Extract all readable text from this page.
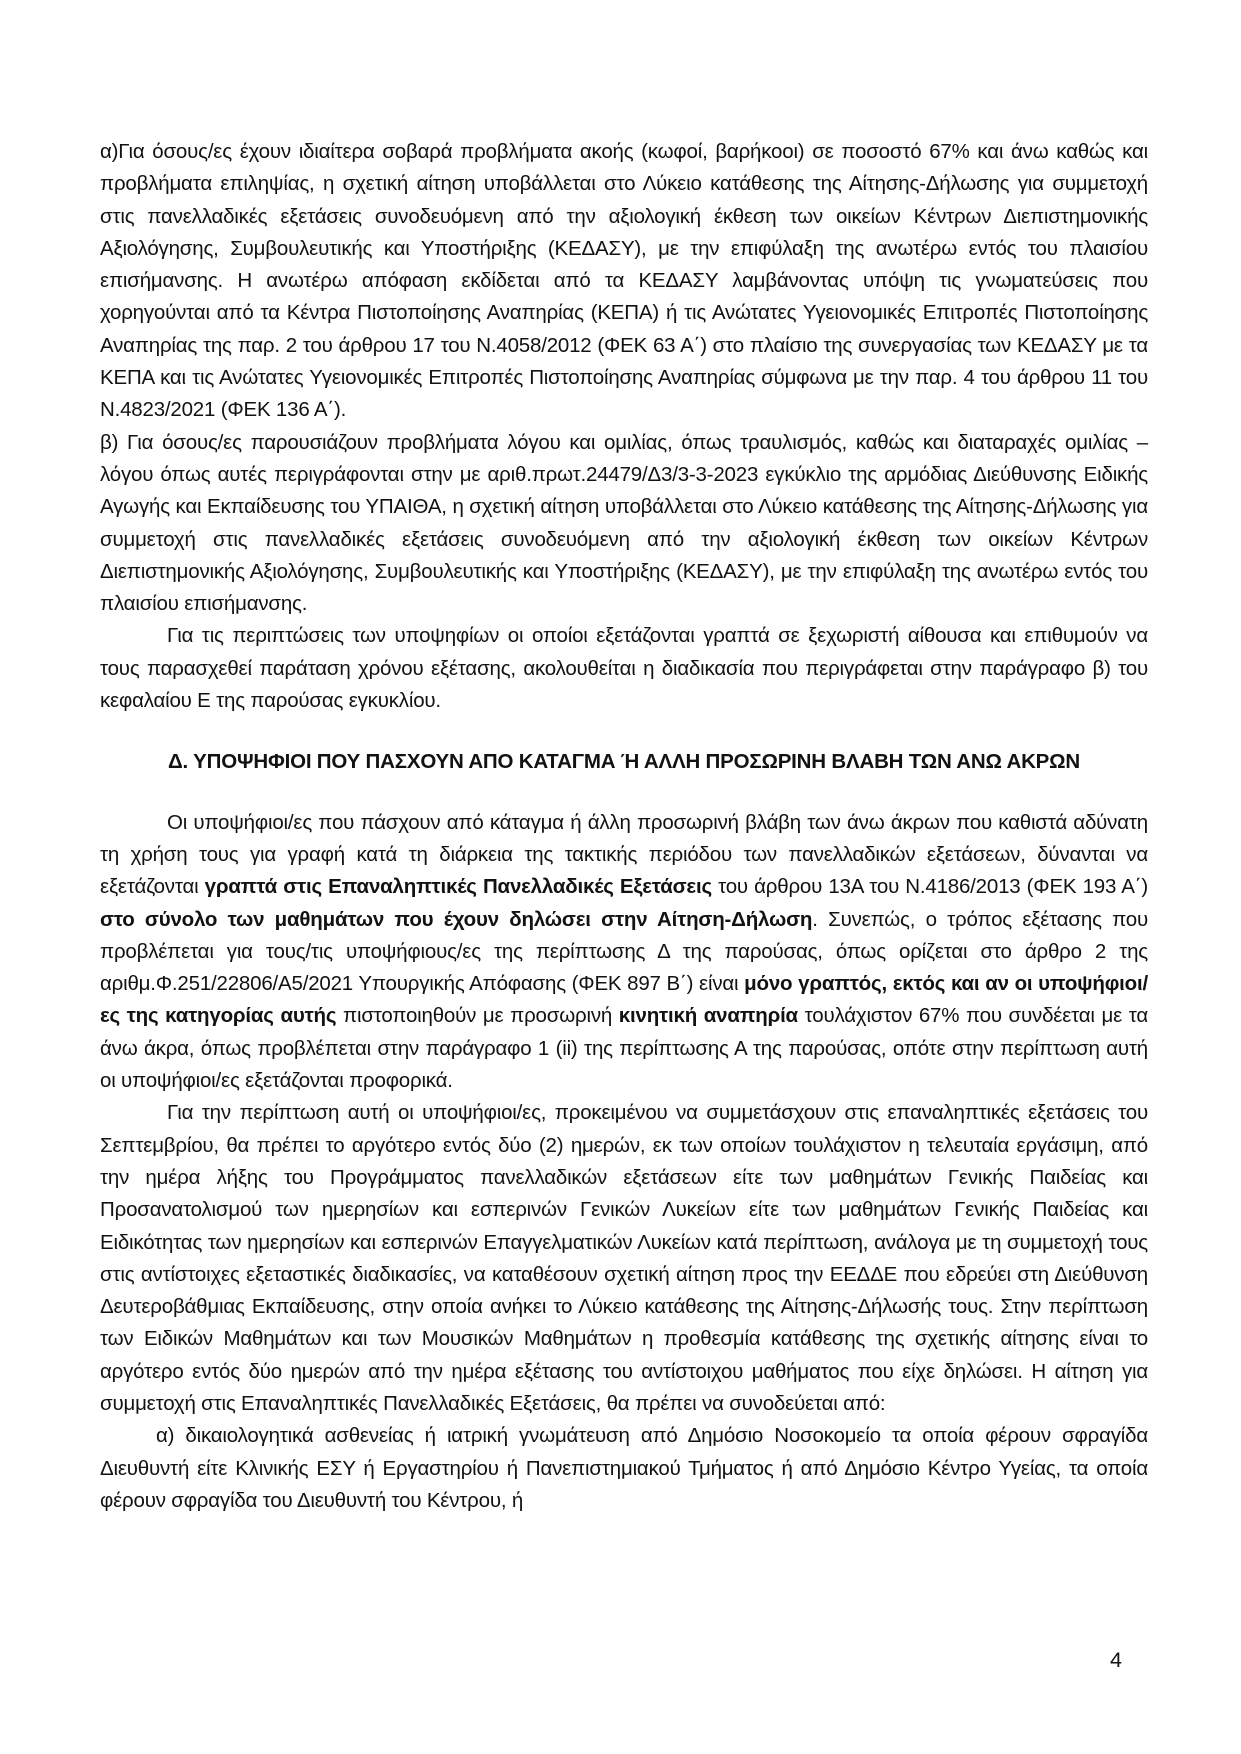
α)Για όσους/ες έχουν ιδιαίτερα σοβαρά προβλήματα ακοής (κωφοί, βαρήκοοι) σε ποσοστό 67% και άνω καθώς και προβλήματα επιληψίας, η σχετική αίτηση υποβάλλεται στο Λύκειο κατάθεσης της Αίτησης-Δήλωσης για συμμετοχή στις πανελλαδικές εξετάσεις συνοδευόμενη από την αξιολογική έκθεση των οικείων Κέντρων Διεπιστημονικής Αξιολόγησης, Συμβουλευτικής και Υποστήριξης (ΚΕΔΑΣΥ), με την επιφύλαξη της ανωτέρω εντός του πλαισίου επισήμανσης. Η ανωτέρω απόφαση εκδίδεται από τα ΚΕΔΑΣΥ λαμβάνοντας υπόψη τις γνωματεύσεις που χορηγούνται από τα Κέντρα Πιστοποίησης Αναπηρίας (ΚΕΠΑ) ή τις Ανώτατες Υγειονομικές Επιτροπές Πιστοποίησης Αναπηρίας της παρ. 2 του άρθρου 17 του Ν.4058/2012 (ΦΕΚ 63 Α΄) στο πλαίσιο της συνεργασίας των ΚΕΔΑΣΥ με τα ΚΕΠΑ και τις Ανώτατες Υγειονομικές Επιτροπές Πιστοποίησης Αναπηρίας σύμφωνα με την παρ. 4 του άρθρου 11 του Ν.4823/2021 (ΦΕΚ 136 Α΄).

β) Για όσους/ες παρουσιάζουν προβλήματα λόγου και ομιλίας, όπως τραυλισμός, καθώς και διαταραχές ομιλίας – λόγου όπως αυτές περιγράφονται στην με αριθ.πρωτ.24479/Δ3/3-3-2023 εγκύκλιο της αρμόδιας Διεύθυνσης Ειδικής Αγωγής και Εκπαίδευσης του ΥΠΑΙΘΑ, η σχετική αίτηση υποβάλλεται στο Λύκειο κατάθεσης της Αίτησης-Δήλωσης για συμμετοχή στις πανελλαδικές εξετάσεις συνοδευόμενη από την αξιολογική έκθεση των οικείων Κέντρων Διεπιστημονικής Αξιολόγησης, Συμβουλευτικής και Υποστήριξης (ΚΕΔΑΣΥ), με την επιφύλαξη της ανωτέρω εντός του πλαισίου επισήμανσης.

Για τις περιπτώσεις των υποψηφίων οι οποίοι εξετάζονται γραπτά σε ξεχωριστή αίθουσα και επιθυμούν να τους παρασχεθεί παράταση χρόνου εξέτασης, ακολουθείται η διαδικασία που περιγράφεται στην παράγραφο β) του κεφαλαίου Ε της παρούσας εγκυκλίου.

Δ. ΥΠΟΨΗΦΙΟΙ ΠΟΥ ΠΑΣΧΟΥΝ ΑΠΟ ΚΑΤΑΓΜΑ Ή ΑΛΛΗ ΠΡΟΣΩΡΙΝΗ ΒΛΑΒΗ ΤΩΝ ΑΝΩ ΑΚΡΩΝ

Οι υποψήφιοι/ες που πάσχουν από κάταγμα ή άλλη προσωρινή βλάβη των άνω άκρων που καθιστά αδύνατη τη χρήση τους για γραφή κατά τη διάρκεια της τακτικής περιόδου των πανελλαδικών εξετάσεων, δύνανται να εξετάζονται γραπτά στις Επαναληπτικές Πανελλαδικές Εξετάσεις του άρθρου 13Α του Ν.4186/2013 (ΦΕΚ 193 Α΄) στο σύνολο των μαθημάτων που έχουν δηλώσει στην Αίτηση-Δήλωση. Συνεπώς, ο τρόπος εξέτασης που προβλέπεται για τους/τις υποψήφιους/ες της περίπτωσης Δ της παρούσας, όπως ορίζεται στο άρθρο 2 της αριθμ.Φ.251/22806/Α5/2021 Υπουργικής Απόφασης (ΦΕΚ 897 Β΄) είναι μόνο γραπτός, εκτός και αν οι υποψήφιοι/ες της κατηγορίας αυτής πιστοποιηθούν με προσωρινή κινητική αναπηρία τουλάχιστον 67% που συνδέεται με τα άνω άκρα, όπως προβλέπεται στην παράγραφο 1 (ii) της περίπτωσης Α της παρούσας, οπότε στην περίπτωση αυτή οι υποψήφιοι/ες εξετάζονται προφορικά.

Για την περίπτωση αυτή οι υποψήφιοι/ες, προκειμένου να συμμετάσχουν στις επαναληπτικές εξετάσεις του Σεπτεμβρίου, θα πρέπει το αργότερο εντός δύο (2) ημερών, εκ των οποίων τουλάχιστον η τελευταία εργάσιμη, από την ημέρα λήξης του Προγράμματος πανελλαδικών εξετάσεων είτε των μαθημάτων Γενικής Παιδείας και Προσανατολισμού των ημερησίων και εσπερινών Γενικών Λυκείων είτε των μαθημάτων Γενικής Παιδείας και Ειδικότητας των ημερησίων και εσπερινών Επαγγελματικών Λυκείων κατά περίπτωση, ανάλογα με τη συμμετοχή τους στις αντίστοιχες εξεταστικές διαδικασίες, να καταθέσουν σχετική αίτηση προς την ΕΕΔΔΕ που εδρεύει στη Διεύθυνση Δευτεροβάθμιας Εκπαίδευσης, στην οποία ανήκει το Λύκειο κατάθεσης της Αίτησης-Δήλωσής τους. Στην περίπτωση των Ειδικών Μαθημάτων και των Μουσικών Μαθημάτων η προθεσμία κατάθεσης της σχετικής αίτησης είναι το αργότερο εντός δύο ημερών από την ημέρα εξέτασης του αντίστοιχου μαθήματος που είχε δηλώσει. Η αίτηση για συμμετοχή στις Επαναληπτικές Πανελλαδικές Εξετάσεις, θα πρέπει να συνοδεύεται από:

α) δικαιολογητικά ασθενείας ή ιατρική γνωμάτευση από Δημόσιο Νοσοκομείο τα οποία φέρουν σφραγίδα Διευθυντή είτε Κλινικής ΕΣΥ ή Εργαστηρίου ή Πανεπιστημιακού Τμήματος ή από Δημόσιο Κέντρο Υγείας, τα οποία φέρουν σφραγίδα του Διευθυντή του Κέντρου, ή

4
